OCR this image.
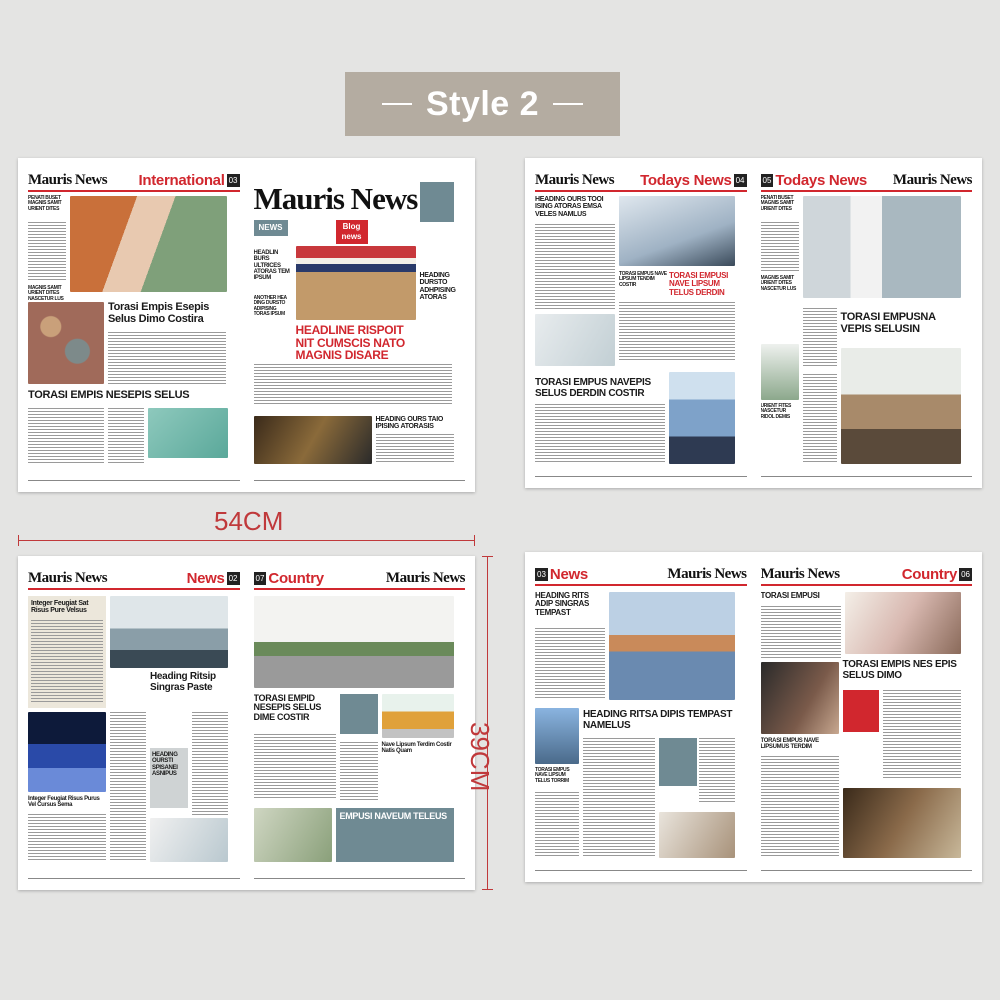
Style 2
Mauris News International 03
PENATI BUSET MAGNIS SAMIT URIENT DITES
MAGNIS SAMIT URIENT DITES NASCETUR LUS
Torasi Empis Esepis Selus Dimo Costira
TORASI EMPIS NESEPIS SELUS
Mauris News
NEWS	Blog news
HEADING DURSTO ADHPISING ATORAS
HEADLIN BURS ULTRICES ATORAS TEM IPSUM
ANOTHER HEA DING DURSTO ADIPISING TORAS IPSUM
HEADLINE RISPOIT NIT CUMSCIS NATO MAGNIS DISARE
HEADING OURS TAIO IPISING ATORASIS
Mauris News Todays News 04
HEADING OURS TOOI ISING ATORAS EMSA VELES NAMLUS
TORASI EMPUS NAVE LIPSUM TENDIM COSTIR
TORASI EMPUSI NAVE LIPSUM TELUS DERDIN
TORASI EMPUS NAVEPIS SELUS DERDIN COSTIR
05 Todays News Mauris News
PENATI BUSET MAGNIS SAMIT URIENT DITES
MAGNIS SAMIT URIENT DITES NASCETUR LUS
TORASI EMPUSNA VEPIS SELUSIN
URIENT FITES NASCETUR RIDOL DEMIS
Mauris News	News 02
Integer Feugiat Sat Risus Pure Velsus
Heading Ritsip Singras Paste
Integer Feugiat Risus Purus Vel Cursus Sema
HEADING OURSTI SPISANEI ASNIPUS
07 Country	Mauris News
TORASI EMPID NESEPIS SELUS DIME COSTIR
Nave Lipsum Terdim Costir Natis Quam
EMPUSI NAVEUM TELEUS
03 News	Mauris News
HEADING RITS ADIP SINGRAS TEMPAST
HEADING RITSA DIPIS TEMPAST NAMELUS
TORASI EMPUS NAVE LIPSUM TELUS TORRIM
Mauris News	Country 06
TORASI EMPUSI
TORASI EMPIS NES EPIS SELUS DIMO
TORASI EMPUS NAVE LIPSUMUS TERDIM
54CM
39CM
